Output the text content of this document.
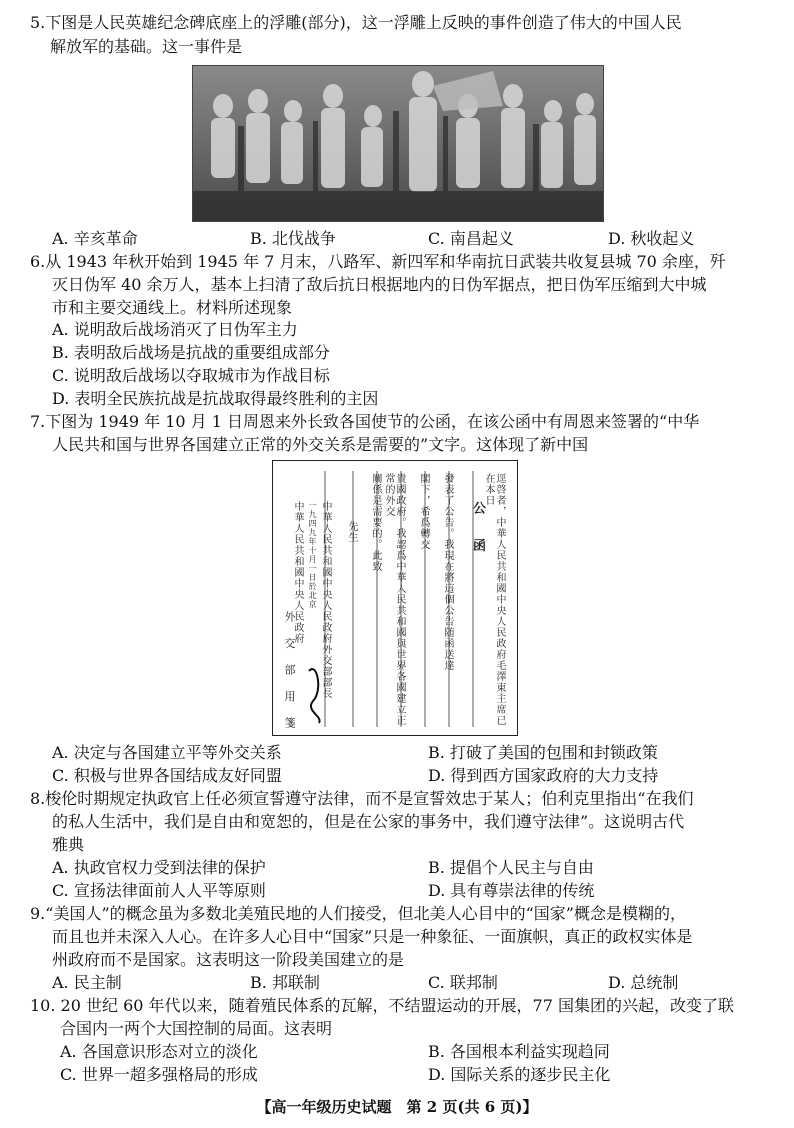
5.下图是人民英雄纪念碑底座上的浮雕(部分)，这一浮雕上反映的事件创造了伟大的中国人民
解放军的基础。这一事件是
A. 辛亥革命	B. 北伐战争	C. 南昌起义	D. 秋收起义
6.从 1943 年秋开始到 1945 年 7 月末，八路军、新四军和华南抗日武装共收复县城 70 余座，歼
灭日伪军 40 余万人，基本上扫清了敌后抗日根据地内的日伪军据点，把日伪军压缩到大中城
市和主要交通线上。材料所述现象
A. 说明敌后战场消灭了日伪军主力
B. 表明敌后战场是抗战的重要组成部分
C. 说明敌后战场以夺取城市为作战目标
D. 表明全民族抗战是抗战取得最终胜利的主因
7.下图为 1949 年 10 月 1 日周恩来外长致各国使节的公函，在该公函中有周恩来签署的“中华
人民共和国与世界各国建立正常的外交关系是需要的”文字。这体现了新中国
公 函 逕啓者，中華人民共和國中央人民政府毛澤東主席已在本日
發表了公告。我現在將這個公告随函送達
閣下，希爲轉交
貴國政府。我認爲中華人民共和國與世界各國建立正常的外交
關係是需要的。此致
先生
中華人民共和國中央人民政府外交部部長
一九四九年十月一日於北京
中華人民共和國中央人民政府
外 交 部 用 箋
A. 决定与各国建立平等外交关系	B. 打破了美国的包围和封锁政策
C. 积极与世界各国结成友好同盟	D. 得到西方国家政府的大力支持
8.梭伦时期规定执政官上任必须宣誓遵守法律，而不是宣誓效忠于某人；伯利克里指出“在我们
的私人生活中，我们是自由和宽恕的，但是在公家的事务中，我们遵守法律”。这说明古代
雅典
A. 执政官权力受到法律的保护	B. 提倡个人民主与自由
C. 宣扬法律面前人人平等原则	D. 具有尊崇法律的传统
9.“美国人”的概念虽为多数北美殖民地的人们接受，但北美人心目中的“国家”概念是模糊的，
而且也并未深入人心。在许多人心目中“国家”只是一种象征、一面旗帜，真正的政权实体是
州政府而不是国家。这表明这一阶段美国建立的是
A. 民主制	B. 邦联制	C. 联邦制	D. 总统制
10. 20 世纪 60 年代以来，随着殖民体系的瓦解，不结盟运动的开展，77 国集团的兴起，改变了联
合国内一两个大国控制的局面。这表明
A. 各国意识形态对立的淡化	B. 各国根本利益实现趋同
C. 世界一超多强格局的形成	D. 国际关系的逐步民主化
【高一年级历史试题　第 2 页(共 6 页)】
